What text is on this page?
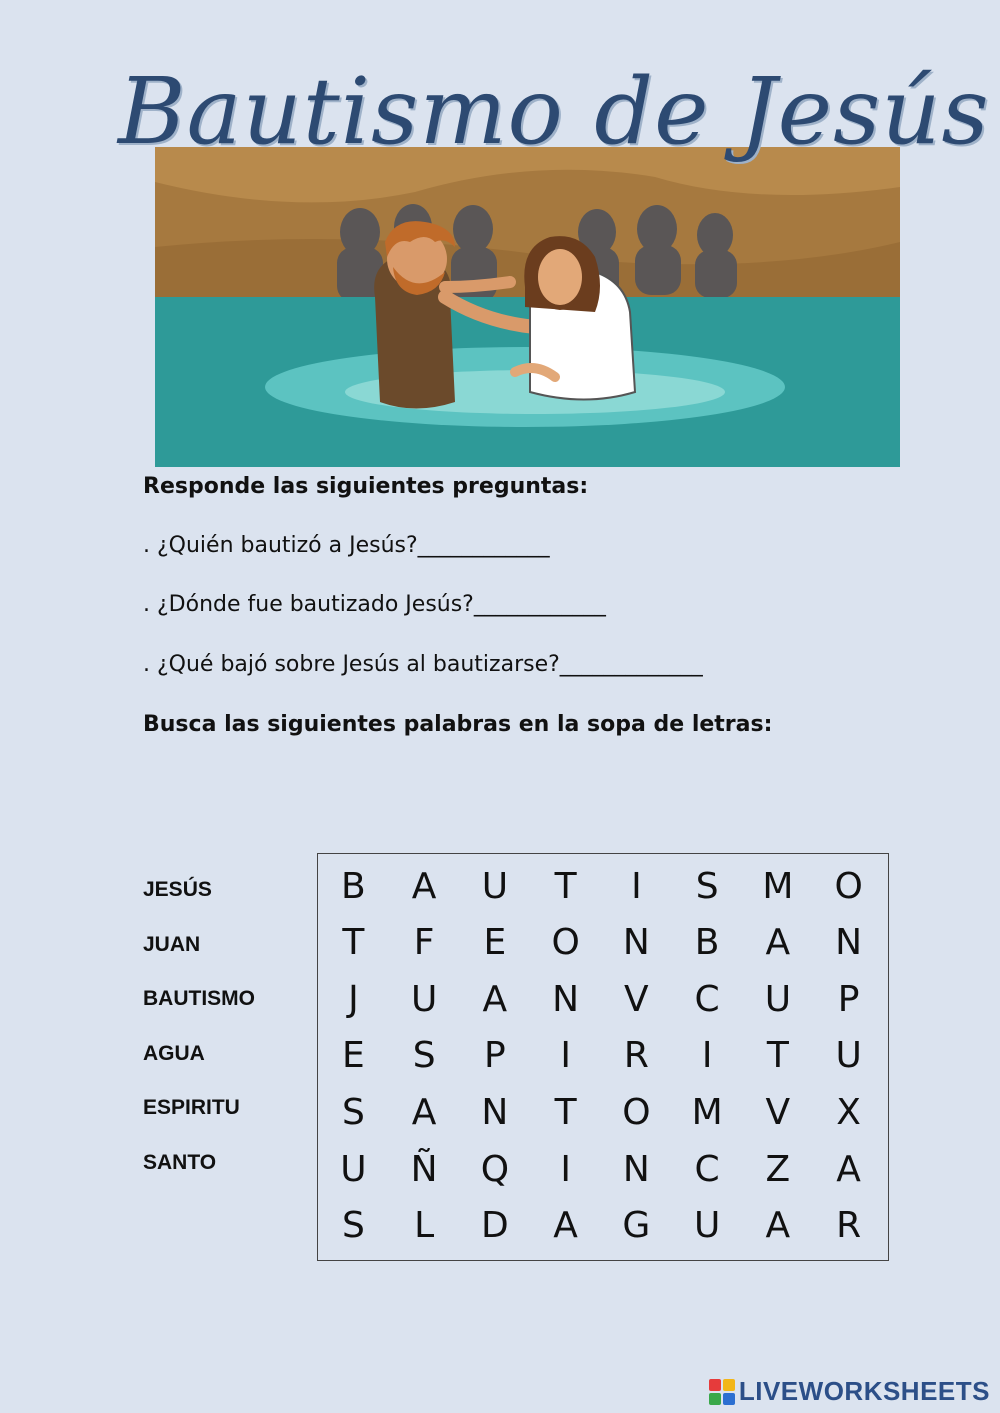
Bautismo de Jesús
Responde las siguientes preguntas:
. ¿Quién bautizó a Jesús?____________
. ¿Dónde fue bautizado Jesús?____________
. ¿Qué bajó sobre Jesús al bautizarse?_____________
Busca las siguientes palabras en la sopa de letras:
JESÚS
JUAN
BAUTISMO
AGUA
ESPIRITU
SANTO
B	A	U	T	I	S	M	O
T	F	E	O	N	B	A	N
J	U	A	N	V	C	U	P
E	S	P	I	R	I	T	U
S	A	N	T	O	M	V	X
U	Ñ	Q	I	N	C	Z	A
S	L	D	A	G	U	A	R
LIVEWORKSHEETS
